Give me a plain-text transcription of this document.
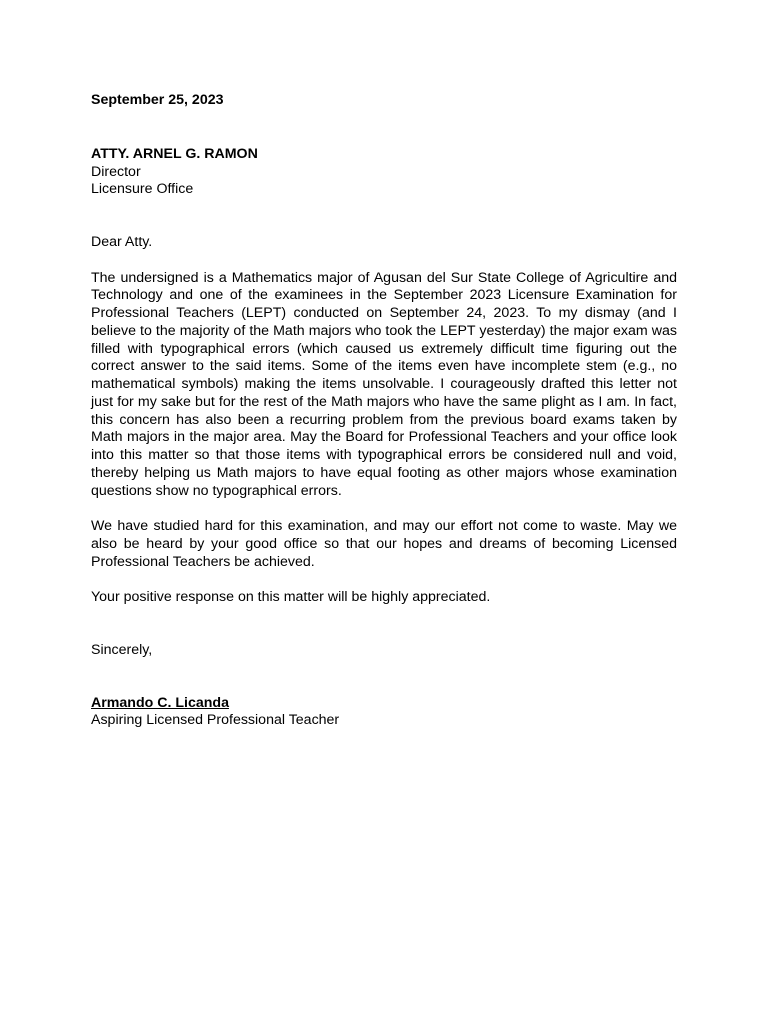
September 25, 2023

ATTY. ARNEL G. RAMON
Director
Licensure Office
Dear Atty.

The undersigned is a Mathematics major of Agusan del Sur State College of Agricultire and Technology and one of the examinees in the September 2023 Licensure Examination for Professional Teachers (LEPT) conducted on September 24, 2023. To my dismay (and I believe to the majority of the Math majors who took the LEPT yesterday) the major exam was filled with typographical errors (which caused us extremely difficult time figuring out the correct answer to the said items. Some of the items even have incomplete stem (e.g., no mathematical symbols) making the items unsolvable. I courageously drafted this letter not just for my sake but for the rest of the Math majors who have the same plight as I am. In fact, this concern has also been a recurring problem from the previous board exams taken by Math majors in the major area. May the Board for Professional Teachers and your office look into this matter so that those items with typographical errors be considered null and void, thereby helping us Math majors to have equal footing as other majors whose examination questions show no typographical errors.

We have studied hard for this examination, and may our effort not come to waste. May we also be heard by your good office so that our hopes and dreams of becoming Licensed Professional Teachers be achieved.

Your positive response on this matter will be highly appreciated.

Sincerely,
Armando C. Licanda
Aspiring Licensed Professional Teacher
